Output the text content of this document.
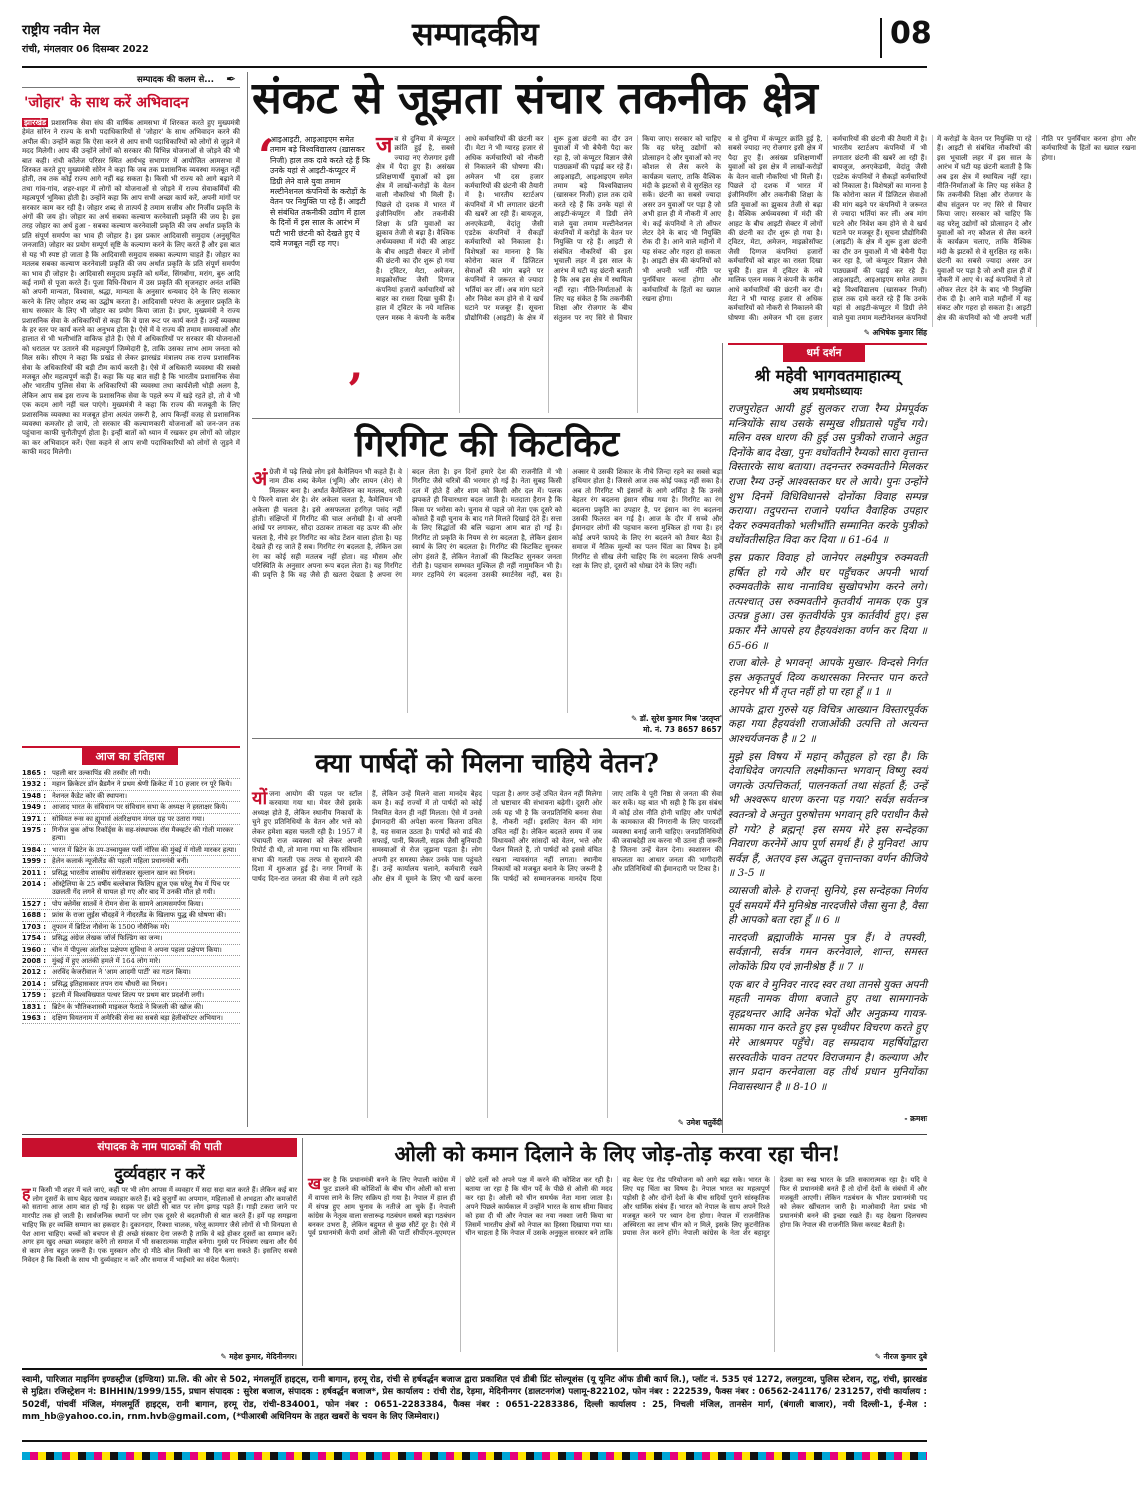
राष्ट्रीय नवीन मेल
रांची, मंगलवार 06 दिसम्बर 2022	सम्पादकीय	08
सम्पादक की कलम से... ✒
'जोहार' के साथ करें अभिवादन
झारखंड प्रशासनिक सेवा संघ की वार्षिक आमसभा में शिरकत करते हुए मुख्यमंत्री हेमंत सोरेन ने राज्य के सभी पदाधिकारियों से 'जोहार' के साथ अभिवादन करने की अपील की। उन्होंने कहा कि ऐसा करने से आप सभी पदाधिकारियों को लोगों से जुड़ने में मदद मिलेगी। आप की उन्होंने लोगों को सरकार की विभिन्न योजनाओं से जोड़ने की भी बात कही। रांची कॉलेज परिसर स्थित आर्यभट्ट सभागार में आयोजित आमसभा में शिरकत करते हुए मुख्यमंत्री सोरेन ने कहा कि जब तक प्रशासनिक व्यवस्था मजबूत नहीं होती, तब तक कोई राज्य आगे नहीं बढ़ सकता है। किसी भी राज्य को आगे बढ़ाने में तथा गांव-गांव, शहर-शहर में लोगों को योजनाओं से जोड़ने में राज्य सेवाकर्मियों की महत्वपूर्ण भूमिका होती है। उन्होंने कहा कि आप सभी अच्छा कार्य करें, अपनी मांगों पर सरकार काम कर रही है। जोहार शब्द से तात्पर्य है तमाम सजीव और निर्जीव प्रकृति के अंगों की जय हो। जोहार का अर्थ सबका कल्याण करनेवाली प्रकृति की जय है। इस तरह जोहार का अर्थ हुआ - सबका कल्याण करनेवाली प्रकृति की जय अर्थात प्रकृति के प्रति संपूर्ण समर्पण का भाव ही जोहार है। इस प्रकार आदिवासी समुदाय (अनुसूचित जनजाति) जोहार का प्रयोग सम्पूर्ण सृष्टि के कल्याण करने के लिए करते हैं और इस बात से यह भी स्पष्ट हो जाता है कि आदिवासी समुदाय सबका कल्याण चाहते हैं। जोहार का मतलब सबका कल्याण करनेवाली प्रकृति की जय अर्थात प्रकृति के प्रति संपूर्ण समर्पण का भाव ही जोहार है। आदिवासी समुदाय प्रकृति को धर्मेश, सिंगबोंगा, मरांग, बुरु आदि कई नामों से पूजा करते हैं। पूजा विधि-विधान में उस प्रकृति की सृजनहार अनंत शक्ति को अपनी मान्यता, विश्वास, श्रद्धा, मान्यता के अनुसार धन्यवाद देने के लिए सत्कार करने के लिए जोहार शब्द का उद्घोष करता है। आदिवासी परंपरा के अनुसार प्रकृति के साथ सरकार के लिए भी जोहार का प्रयोग किया जाता है। इधर, मुख्यमंत्री ने राज्य प्रशासनिक सेवा के अधिकारियों से कहा कि वे ग्रास रूट पर कार्य करते हैं। उन्हें व्यवस्था के हर स्तर पर कार्य करने का अनुभव होता है। ऐसे में वे राज्य की तमाम समस्याओं और हालात से भी भलीभांति वाकिफ होते हैं। ऐसे में अधिकारियों पर सरकार की योजनाओं को धरातल पर उतारने की महत्वपूर्ण जिम्मेदारी है, ताकि उसका लाभ आम जनता को मिल सके। सीएम ने कहा कि प्रखंड से लेकर झारखंड मंत्रालय तक राज्य प्रशासनिक सेवा के अधिकारियों की बड़ी टीम कार्य करती है। ऐसे में अधिकारी व्यवस्था की सबसे मजबूत और महत्वपूर्ण कड़ी हैं। कहा कि यह बात सही है कि भारतीय प्रशासनिक सेवा और भारतीय पुलिस सेवा के अधिकारियों की व्यवस्था तथा कार्यशैली थोड़ी अलग है, लेकिन आप सब इस राज्य के प्रशासनिक सेवा के पहले रूप में खड़े रहते हो, तो वे भी एक कदम आगे नहीं चल पाएंगे। मुख्यमंत्री ने कहा कि राज्य की मजबूती के लिए प्रशासनिक व्यवस्था का मजबूत होना अत्यंत जरूरी है, आप किन्हीं वजह से प्रशासनिक व्यवस्था कमजोर हो जाये, तो सरकार की कल्याणकारी योजनाओं को जन-जन तक पहुंचाना काफी चुनौतीपूर्ण होता है। इन्हीं बातों को ध्यान में रखकर हम लोगों को जोहार का कर अभिवादन करें। ऐसा कहने से आप सभी पदाधिकारियों को लोगों से जुड़ने में काफी मदद मिलेगी।
आज का इतिहास
1865 : पहली बार उल्कापिंड की तस्वीर ली गयी।
1932 : महान क्रिकेटर डॉन ब्रैडमैन ने प्रथम श्रेणी क्रिकेट में 10 हजार रन पूरे किये।
1948 : नेशनल कैडेट कोर की स्थापना।
1949 : आजाद भारत के संविधान पर संविधान सभा के अध्यक्ष ने हस्ताक्षर किये।
1971 : सोवियत रूस का ह्यूमार्स अंतरिक्षयान मंगल ग्रह पर उतारा गया।
1975 : गिनीज बुक ऑफ रिकॉर्ड्स के सह-संस्थापक रॉस मैक्व्हर्टर की गोली मारकर हत्या।
1984 : भारत में ब्रिटेन के उप-उच्चायुक्त पर्सी नॉरिस की मुंबई में गोली मारकर हत्या।
1999 : हेलेन कलार्क न्यूजीलैंड की पहली महिला प्रधानमंत्री बनीं।
2011 : प्रसिद्ध भारतीय शास्त्रीय संगीतकार सुल्तान खान का निधन।
2014 : ऑस्ट्रेलिया के 25 वर्षीय बल्लेबाज फिलिप ह्यूज एक घरेलू मैच में पिच पर उछलती गेंद लगने से घायल हो गए और बाद में उनकी मौत हो गयी।
1527 : पोप क्लेमेंस सातवें ने रोमन सेना के सामने आत्मसमर्पण किया।
1688 : फ्रांस के राजा लुईस चौदहवें ने नीदरलैंड के खिलाफ युद्ध की घोषणा की।
1703 : तूफान में ब्रिटिश नौसेना के 1500 नौसैनिक मरे।
1754 : प्रसिद्ध अंग्रेज लेखक जॉर्ज फिल्डिंग का जन्म।
1960 : चीन में पीपुल्स अंतरिक्ष प्रक्षेपण सुविधा ने अपना पहला प्रक्षेपण किया।
2008 : मुंबई में हुए आतंकी हमले में 164 लोग मारे।
2012 : अरविंद केजरीवाल ने 'आम आदमी पार्टी' का गठन किया।
2014 : प्रसिद्ध इतिहासकार तपन राय चौधरी का निधन।
1759 : इटली में विश्वविख्यात पत्थर शिल्प पर प्रथम बार प्रदर्शनी लगी।
1831 : ब्रिटेन के भौतिकशास्त्री माइकल फैराडे ने बिजली की खोज की।
1963 : दक्षिण वियतनाम में अमेरिकी सेना का सबसे बड़ा हेलीकॉप्टर अभियान।
संकट से जूझता संचार तकनीक क्षेत्र
‘
आइआइटी, आइआइएम समेत तमाम बड़े विश्वविद्यालय (ख़ासकर निजी) हाल तक दावे करते रहे हैं कि उनके यहां से आइटी-कंप्यूटर में डिग्री लेने वाले युवा तमाम मल्टीनेशनल कंपनियों के करोड़ों के वेतन पर नियुक्ति पा रहे हैं। आइटी से संबंधित तकनीकी उद्योग में हाल के दिनों में इस साल के आरंभ में घटी भारी छंटनी को देखते हुए ये दावे मजबूत नहीं रह गए।
’
जब से दुनिया में कंप्यूटर क्रांति हुई है, सबसे ज्यादा नए रोजगार इसी क्षेत्र में पैदा हुए हैं। असंख्य प्रशिक्षणार्थी युवाओं को इस क्षेत्र में लाखों-करोड़ों के वेतन वाली नौकरियां भी मिली हैं। पिछले दो दशक में भारत में इंजीनियरिंग और तकनीकी शिक्षा के प्रति युवाओं का झुकाव तेजी से बढ़ा है। वैश्विक अर्थव्यवस्था में मंदी की आहट के बीच आइटी सेक्टर में लोगों की छंटनी का दौर शुरू हो गया है। ट्विटर, मेटा, अमेजन, माइक्रोसॉफ्ट जैसी दिग्गज कंपनियां हजारों कर्मचारियों को बाहर का रास्ता दिखा चुकी हैं। हाल में ट्विटर के नये मालिक एलन मस्क ने कंपनी के करीब आधे कर्मचारियों की छंटनी कर दी। मेटा ने भी ग्यारह हजार से अधिक कर्मचारियों को नौकरी से निकालने की घोषणा की। अमेजन भी दस हजार कर्मचारियों की छंटनी की तैयारी में है। भारतीय स्टार्टअप कंपनियों में भी लगातार छंटनी की खबरें आ रही हैं। बायजूज, अनएकेडमी, वेदांतु जैसी एडटेक कंपनियों ने सैकड़ों कर्मचारियों को निकाला है। विशेषज्ञों का मानना है कि कोरोना काल में डिजिटल सेवाओं की मांग बढ़ने पर कंपनियों ने जरूरत से ज्यादा भर्तियां कर लीं। अब मांग घटने और निवेश कम होने से वे खर्च घटाने पर मजबूर हैं। सूचना प्रौद्योगिकी (आइटी) के क्षेत्र में शुरू हुआ छंटनी का दौर उन युवाओं में भी बेचैनी पैदा कर रहा है, जो कंप्यूटर विज्ञान जैसे पाठ्यक्रमों की पढ़ाई कर रहे हैं। आइआइटी, आइआइएम समेत तमाम बड़े विश्वविद्यालय (खासकर निजी) हाल तक दावे करते रहे हैं कि उनके यहां से आइटी-कंप्यूटर में डिग्री लेने वाले युवा तमाम मल्टीनेशनल कंपनियों में करोड़ों के वेतन पर नियुक्ति पा रहे हैं। आइटी से संबंधित नौकरियों की इस भूचाली लहर में इस साल के आरंभ में घटी यह छंटनी बताती है कि अब इस क्षेत्र में स्थायित्व नहीं रहा। नीति-निर्माताओं के लिए यह संकेत है कि तकनीकी शिक्षा और रोजगार के बीच संतुलन पर नए सिरे से विचार किया जाए। सरकार को चाहिए कि वह घरेलू उद्योगों को प्रोत्साहन दे और युवाओं को नए कौशल से लैस करने के कार्यक्रम चलाए, ताकि वैश्विक मंदी के झटकों से वे सुरक्षित रह सकें। छंटनी का सबसे ज्यादा असर उन युवाओं पर पड़ा है जो अभी हाल ही में नौकरी में आए थे। कई कंपनियों ने तो ऑफर लेटर देने के बाद भी नियुक्ति रोक दी है। आने वाले महीनों में यह संकट और गहरा हो सकता है। आइटी क्षेत्र की कंपनियों को भी अपनी भर्ती नीति पर पुनर्विचार करना होगा और कर्मचारियों के हितों का ख्याल रखना होगा।
ब से दुनिया में कंप्यूटर क्रांति हुई है, सबसे ज्यादा नए रोजगार इसी क्षेत्र में पैदा हुए हैं। असंख्य प्रशिक्षणार्थी युवाओं को इस क्षेत्र में लाखों-करोड़ों के वेतन वाली नौकरियां भी मिली हैं। पिछले दो दशक में भारत में इंजीनियरिंग और तकनीकी शिक्षा के प्रति युवाओं का झुकाव तेजी से बढ़ा है। वैश्विक अर्थव्यवस्था में मंदी की आहट के बीच आइटी सेक्टर में लोगों की छंटनी का दौर शुरू हो गया है। ट्विटर, मेटा, अमेजन, माइक्रोसॉफ्ट जैसी दिग्गज कंपनियां हजारों कर्मचारियों को बाहर का रास्ता दिखा चुकी हैं। हाल में ट्विटर के नये मालिक एलन मस्क ने कंपनी के करीब आधे कर्मचारियों की छंटनी कर दी। मेटा ने भी ग्यारह हजार से अधिक कर्मचारियों को नौकरी से निकालने की घोषणा की। अमेजन भी दस हजार कर्मचारियों की छंटनी की तैयारी में है। भारतीय स्टार्टअप कंपनियों में भी लगातार छंटनी की खबरें आ रही हैं। बायजूज, अनएकेडमी, वेदांतु जैसी एडटेक कंपनियों ने सैकड़ों कर्मचारियों को निकाला है। विशेषज्ञों का मानना है कि कोरोना काल में डिजिटल सेवाओं की मांग बढ़ने पर कंपनियों ने जरूरत से ज्यादा भर्तियां कर लीं। अब मांग घटने और निवेश कम होने से वे खर्च घटाने पर मजबूर हैं। सूचना प्रौद्योगिकी (आइटी) के क्षेत्र में शुरू हुआ छंटनी का दौर उन युवाओं में भी बेचैनी पैदा कर रहा है, जो कंप्यूटर विज्ञान जैसे पाठ्यक्रमों की पढ़ाई कर रहे हैं। आइआइटी, आइआइएम समेत तमाम बड़े विश्वविद्यालय (खासकर निजी) हाल तक दावे करते रहे हैं कि उनके यहां से आइटी-कंप्यूटर में डिग्री लेने वाले युवा तमाम मल्टीनेशनल कंपनियों में करोड़ों के वेतन पर नियुक्ति पा रहे हैं। आइटी से संबंधित नौकरियों की इस भूचाली लहर में इस साल के आरंभ में घटी यह छंटनी बताती है कि अब इस क्षेत्र में स्थायित्व नहीं रहा। नीति-निर्माताओं के लिए यह संकेत है कि तकनीकी शिक्षा और रोजगार के बीच संतुलन पर नए सिरे से विचार किया जाए। सरकार को चाहिए कि वह घरेलू उद्योगों को प्रोत्साहन दे और युवाओं को नए कौशल से लैस करने के कार्यक्रम चलाए, ताकि वैश्विक मंदी के झटकों से वे सुरक्षित रह सकें। छंटनी का सबसे ज्यादा असर उन युवाओं पर पड़ा है जो अभी हाल ही में नौकरी में आए थे। कई कंपनियों ने तो ऑफर लेटर देने के बाद भी नियुक्ति रोक दी है। आने वाले महीनों में यह संकट और गहरा हो सकता है। आइटी क्षेत्र की कंपनियों को भी अपनी भर्ती नीति पर पुनर्विचार करना होगा और कर्मचारियों के हितों का ख्याल रखना होगा।
✎ अभिषेक कुमार सिंह
धर्म दर्शन
श्री महेवी भागवतमाहात्म्य्
अथ प्रथमोऽध्यायः

राजपुरोहत आयी हुई सुलकर राजा रैम्य प्रेमपूर्वक मन्त्रियोंके साथ उसके सम्मुख शीघ्रतासे पहुँच गये। मलिन वस्त्र धारण की हुई उस पुत्रीको राजाने अहुत दिनोंके बाद देखा, पुनः वधोंवतीने रैम्यको सारा वृत्तान्त विस्तारके साथ बताया। तदनन्तर रुक्मवतीने मिलकर राजा रैम्य उन्हें आश्वस्तकर घर ले आये। पुनः उन्होंने शुभ दिनमें विधिविधानसे दोनोंका विवाह सम्पन्न कराया। तदुपरान्त राजाने पर्याप्त वैवाहिक उपहार देकर रुक्मवतीको भलीभाँति सम्मानित करके पुत्रीको वधोंवतीसहित विदा कर दिया ॥ 61-64 ॥

इस प्रकार विवाह हो जानेपर लक्ष्मीपुत्र रुक्मवती हर्षित हो गये और घर पहुँचकर अपनी भार्या रुक्मवतीके साथ नानाविध सुखोपभोग करने लगे। तत्पश्चात् उस रुक्मवतीने कृतवीर्य नामक एक पुत्र उत्पन्न हुआ। उस कृतवीर्यके पुत्र कार्तवीर्य हुए। इस प्रकार मैंने आपसे हय हैहयवंशका वर्णन कर दिया ॥ 65-66 ॥

राजा बोले- हे भगवन्! आपके मुखार- विन्दसे निर्गत इस अकृतपूर्व दिव्य कथारसका निरन्तर पान करते रहनेपर भी मैं तृप्त नहीं हो पा रहा हूँ ॥ 1 ॥

आपके द्वारा गुरुसे यह विचित्र आख्यान विस्तारपूर्वक कहा गया हैहयवंशी राजाओंकी उत्पत्ति तो अत्यन्त आश्चर्यजनक है ॥ 2 ॥

मुझे इस विषय में महान् कौतूहल हो रहा है। कि देवाधिदेव जगत्पति लक्ष्मीकान्त भगवान् विष्णु स्वयं जगत्के उत्पत्तिकर्ता, पालनकर्ता तथा संहर्ता हैं; उन्हें भी अश्वरूप धारण करना पड़ गया? सर्वज्ञ सर्वतन्त्र स्वतन्त्रो वे अन्तुत पुरुषोत्तम भगवान् हरि पराधीन कैसे हो गये? हे ब्रह्मन्! इस समय मेरे इस सन्देहका निवारण करनेमें आप पूर्ण समर्थ हैं। हे मुनिवर! आप सर्वज्ञ हैं, अतएव इस अद्भुत वृत्तान्तका वर्णन कीजिये ॥ 3-5 ॥

व्यासजी बोले- हे राजन्! सुनिये, इस सन्देहका निर्णय पूर्व समयमें मैंने मुनिश्रेष्ठ नारदजीसे जैसा सुना है, वैसा ही आपको बता रहा हूँ ॥ 6 ॥

नारदजी ब्रह्माजीके मानस पुत्र हैं। वे तपस्वी, सर्वज्ञानी, सर्वत्र गमन करनेवाले, शान्त, समस्त लोकोंके प्रिय एवं ज्ञानीश्रेष्ठ हैं ॥ 7 ॥

एक बार वे मुनिवर नारद स्वर तथा तानसे युक्त अपनी महती नामक वीणा बजाते हुए तथा सामगानके वृहद्रथन्तर आदि अनेक भेदों और अनुक्रम्य गायत्र-सामका गान करते हुए इस पृथ्वीपर विचरण करते हुए मेरे आश्रमपर पहुँचे। वह सम्प्रदाय महर्षियोंद्वारा सरस्वतीके पावन तटपर विराजमान है। कल्याण और ज्ञान प्रदान करनेवाला वह तीर्थ प्रधान मुनियोंका निवासस्थान है ॥ 8-10 ॥

- क्रमशः
गिरगिट की किटकिट
अंग्रेजी में पढ़े लिखे लोग इसे कैमेलियन भी कहते हैं। वे नाम ठीक शब्द केमेल (भूमि) और लायन (शेर) से मिलकर बना है। अर्थात कैमेलियन का मतलब, धरती पे फिरने वाला शेर है। शेर अकेला चलता है, कैमेलियन भी अकेला ही चलता है। इसे असफलता हरगिज़ पसंद नहीं होती। संक्षिप्तों में गिरगिट की चाल अनोखी है। वो अपनी आंखें पर लगाकर, सौदा उठाकर ताकता वह ऊपर की ओर चलता है, नीचे हर गिरगिट का कोड टेंशन वाला होता है। यह देखते ही रह जाते हैं सब। गिरगिट रंग बदलता है, लेकिन उस रंग का कोई सही मतलब नहीं होता। वह मौसम और परिस्थिति के अनुसार अपना रूप बदल लेता है। यह गिरगिट की प्रवृत्ति है कि वह जैसे ही खतरा देखता है अपना रंग बदल लेता है। इन दिनों हमारे देश की राजनीति में भी गिरगिट जैसे चरित्रों की भरमार हो गई है। नेता सुबह किसी दल में होते हैं और शाम को किसी और दल में। पलक झपकते ही विचारधारा बदल जाती है। मतदाता हैरान है कि किस पर भरोसा करे। चुनाव से पहले जो नेता एक दूसरे को कोसते हैं वही चुनाव के बाद गले मिलते दिखाई देते हैं। सत्ता के लिए सिद्धांतों की बलि चढ़ाना आम बात हो गई है। गिरगिट तो प्रकृति के नियम से रंग बदलता है, लेकिन इंसान स्वार्थ के लिए रंग बदलता है। गिरगिट की किटकिट सुनकर लोग हंसते हैं, लेकिन नेताओं की किटकिट सुनकर जनता रोती है। पहचान सम्भवत मुश्किल ही नहीं नामुमकिन भी है। मगर टहनिये रंग बदलना उसकी स्मार्टनेस नहीं, बस है। अक्सर ये उसकी शिकार के नीचे जिन्दा रहने का सबसे बड़ा हथियार होता है। जिससे आज तक कोई पकड़ नहीं सका है। अब तो गिरगिट भी इंसानों के आगे शर्मिंदा है कि उनसे बेहतर रंग बदलना इंसान सीख गया है। गिरगिट का रंग बदलना प्रकृति का उपहार है, पर इंसान का रंग बदलना उसकी फितरत बन गई है। आज के दौर में सच्चे और ईमानदार लोगों की पहचान करना मुश्किल हो गया है। हर कोई अपने फायदे के लिए रंग बदलने को तैयार बैठा है। समाज में नैतिक मूल्यों का पतन चिंता का विषय है। हमें गिरगिट से सीख लेनी चाहिए कि रंग बदलना सिर्फ अपनी रक्षा के लिए हो, दूसरों को धोखा देने के लिए नहीं।
✎ डॉ. सुरेश कुमार मिश्र 'उरतृप्त'
मो. नं. 73 8657 8657
क्या पार्षदों को मिलना चाहिये वेतन?
योंजना आयोग की पहल पर स्टॉल करवाया गया था। मेयर जैसे इसके अध्यक्ष होते हैं, लेकिन स्थानीय निकायों के चुने हुए प्रतिनिधियों के वेतन और भत्ते को लेकर हमेशा बहस चलती रही है। 1957 में पंचायती राज व्यवस्था को लेकर अपनी रिपोर्ट दी थी, तो माना गया था कि संविधान सभा की गलती एक तरफ से सुधारने की दिशा में शुरुआत हुई है। नगर निगमों के पार्षद दिन-रात जनता की सेवा में लगे रहते हैं, लेकिन उन्हें मिलने वाला मानदेय बेहद कम है। कई राज्यों में तो पार्षदों को कोई नियमित वेतन ही नहीं मिलता। ऐसे में उनसे ईमानदारी की अपेक्षा करना कितना उचित है, यह सवाल उठता है। पार्षदों को वार्ड की सफाई, पानी, बिजली, सड़क जैसी बुनियादी समस्याओं से रोज जूझना पड़ता है। लोग अपनी हर समस्या लेकर उनके पास पहुंचते हैं। उन्हें कार्यालय चलाने, कर्मचारी रखने और क्षेत्र में घूमने के लिए भी खर्च करना पड़ता है। अगर उन्हें उचित वेतन नहीं मिलेगा तो भ्रष्टाचार की संभावना बढ़ेगी। दूसरी ओर तर्क यह भी है कि जनप्रतिनिधि बनना सेवा है, नौकरी नहीं। इसलिए वेतन की मांग उचित नहीं है। लेकिन बदलते समय में जब विधायकों और सांसदों को वेतन, भत्ते और पेंशन मिलते हैं, तो पार्षदों को इससे वंचित रखना न्यायसंगत नहीं लगता। स्थानीय निकायों को मजबूत बनाने के लिए जरूरी है कि पार्षदों को सम्मानजनक मानदेय दिया जाए ताकि वे पूरी निष्ठा से जनता की सेवा कर सकें। यह बात भी सही है कि इस संबंध में कोई ठोस नीति होनी चाहिए और पार्षदों के कामकाज की निगरानी के लिए पारदर्शी व्यवस्था बनाई जानी चाहिए। जनप्रतिनिधियों की जवाबदेही तय करना भी उतना ही जरूरी है जितना उन्हें वेतन देना। स्वशासन की सफलता का आधार जनता की भागीदारी और प्रतिनिधियों की ईमानदारी पर टिका है।
✎ उमेश चतुर्वेदी
संपादक के नाम पाठकों की पाती
दुर्व्यवहार न करें
हम किसी भी शहर में चले जाएं, कहीं पर भी लोग आपस में व्यवहार में सदा सदा बात करते हैं। लेकिन कई बार लोग दूसरों के साथ बेहद खराब व्यवहार करते हैं। बड़े बुजुर्गों का अपमान, महिलाओं से अभद्रता और कमजोरों को सताना आज आम बात हो गई है। सड़क पर छोटी सी बात पर लोग झगड़ पड़ते हैं। गाड़ी टकरा जाने पर मारपीट तक हो जाती है। सार्वजनिक स्थानों पर लोग एक दूसरे से बदतमीजी से बात करते हैं। हमें यह समझना चाहिए कि हर व्यक्ति सम्मान का हकदार है। दुकानदार, रिक्शा चालक, घरेलू कामगार जैसे लोगों से भी विनम्रता से पेश आना चाहिए। बच्चों को बचपन से ही अच्छे संस्कार देना जरूरी है ताकि वे बड़े होकर दूसरों का सम्मान करें। अगर हम खुद अच्छा व्यवहार करेंगे तो समाज में भी सकारात्मक माहौल बनेगा। गुस्से पर नियंत्रण रखना और धैर्य से काम लेना बहुत जरूरी है। एक मुस्कान और दो मीठे बोल किसी का भी दिन बना सकते हैं। इसलिए सबसे निवेदन है कि किसी के साथ भी दुर्व्यवहार न करें और समाज में भाईचारे का संदेश फैलाएं।
✎ महेश कुमार, मेदिनीनगर।
ओली को कमान दिलाने के लिए जोड़-तोड़ करवा रहा चीन!
खबर है कि प्रधानमंत्री बनने के लिए नेपाली कांग्रेस में फूट डालने की कोशिशों के बीच चीन ओली को सत्ता में वापस लाने के लिए सक्रिय हो गया है। नेपाल में हाल ही में संपन्न हुए आम चुनाव के नतीजे आ चुके हैं। नेपाली कांग्रेस के नेतृत्व वाला सत्तारूढ़ गठबंधन सबसे बड़ा गठबंधन बनकर उभरा है, लेकिन बहुमत से कुछ सीटें दूर है। ऐसे में पूर्व प्रधानमंत्री केपी शर्मा ओली की पार्टी सीपीएन-यूएमएल छोटे दलों को अपने पक्ष में करने की कोशिश कर रही है। बताया जा रहा है कि चीन पर्दे के पीछे से ओली की मदद कर रहा है। ओली को चीन समर्थक नेता माना जाता है। अपने पिछले कार्यकाल में उन्होंने भारत के साथ सीमा विवाद को हवा दी थी और नेपाल का नया नक्शा जारी किया था जिसमें भारतीय क्षेत्रों को नेपाल का हिस्सा दिखाया गया था। चीन चाहता है कि नेपाल में उसके अनुकूल सरकार बने ताकि वह बेल्ट एंड रोड परियोजना को आगे बढ़ा सके। भारत के लिए यह चिंता का विषय है। नेपाल भारत का महत्वपूर्ण पड़ोसी है और दोनों देशों के बीच सदियों पुराने सांस्कृतिक और धार्मिक संबंध हैं। भारत को नेपाल के साथ अपने रिश्ते मजबूत करने पर ध्यान देना होगा। नेपाल में राजनीतिक अस्थिरता का लाभ चीन को न मिले, इसके लिए कूटनीतिक प्रयास तेज करने होंगे। नेपाली कांग्रेस के नेता शेर बहादुर देउबा का रुख भारत के प्रति सकारात्मक रहा है। यदि वे फिर से प्रधानमंत्री बनते हैं तो दोनों देशों के संबंधों में और मजबूती आएगी। लेकिन गठबंधन के भीतर प्रधानमंत्री पद को लेकर खींचतान जारी है। माओवादी नेता प्रचंड भी प्रधानमंत्री बनने की इच्छा रखते हैं। यह देखना दिलचस्प होगा कि नेपाल की राजनीति किस करवट बैठती है।
✎ नीरज कुमार दुबे
स्वामी, पारिजात माइनिंग इण्डस्ट्रीज (इण्डिया) प्रा.लि. की ओर से 502, मंगलमूर्ति हाइट्स, रानी बागान, हरमू रोड, रांची से हर्षवर्द्धन बजाज द्वारा प्रकाशित एवं डीबी प्रिंट सोल्यूशंस (यू यूनिट ऑफ डीबी कार्प लि.), प्लॉट नं. 535 एवं 1272, ललगुटवा, पुलिस स्टेशन, राटु, रांची, झारखंड से मुद्रित। रजिस्ट्रेशन नं: BIHHIN/1999/155, प्रधान संपादक : सुरेश बजाज, संपादक : हर्षवर्द्धन बजाज*, प्रेस कार्यालय : रांची रोड, रेड़मा, मेदिनीनगर (डालटनगंज) पलामू-822102, फोन नंबर : 222539, फैक्स नंबर : 06562-241176/ 231257, रांची कार्यालय : 502वीं, पांचवीं मंजिल, मंगलमूर्ति हाइट्स, रानी बागान, हरमू रोड, रांची-834001, फोन नंबर : 0651-2283384, फैक्स नंबर : 0651-2283386, दिल्ली कार्यालय : 25, निचली मंजिल, तानसेन मार्ग, (बंगाली बाजार), नयी दिल्ली-1, ई-मेल : mm_hb@yahoo.co.in, rnm.hvb@gmail.com, (*पीआरबी अधिनियम के तहत खबरों के चयन के लिए जिम्मेवार।)
